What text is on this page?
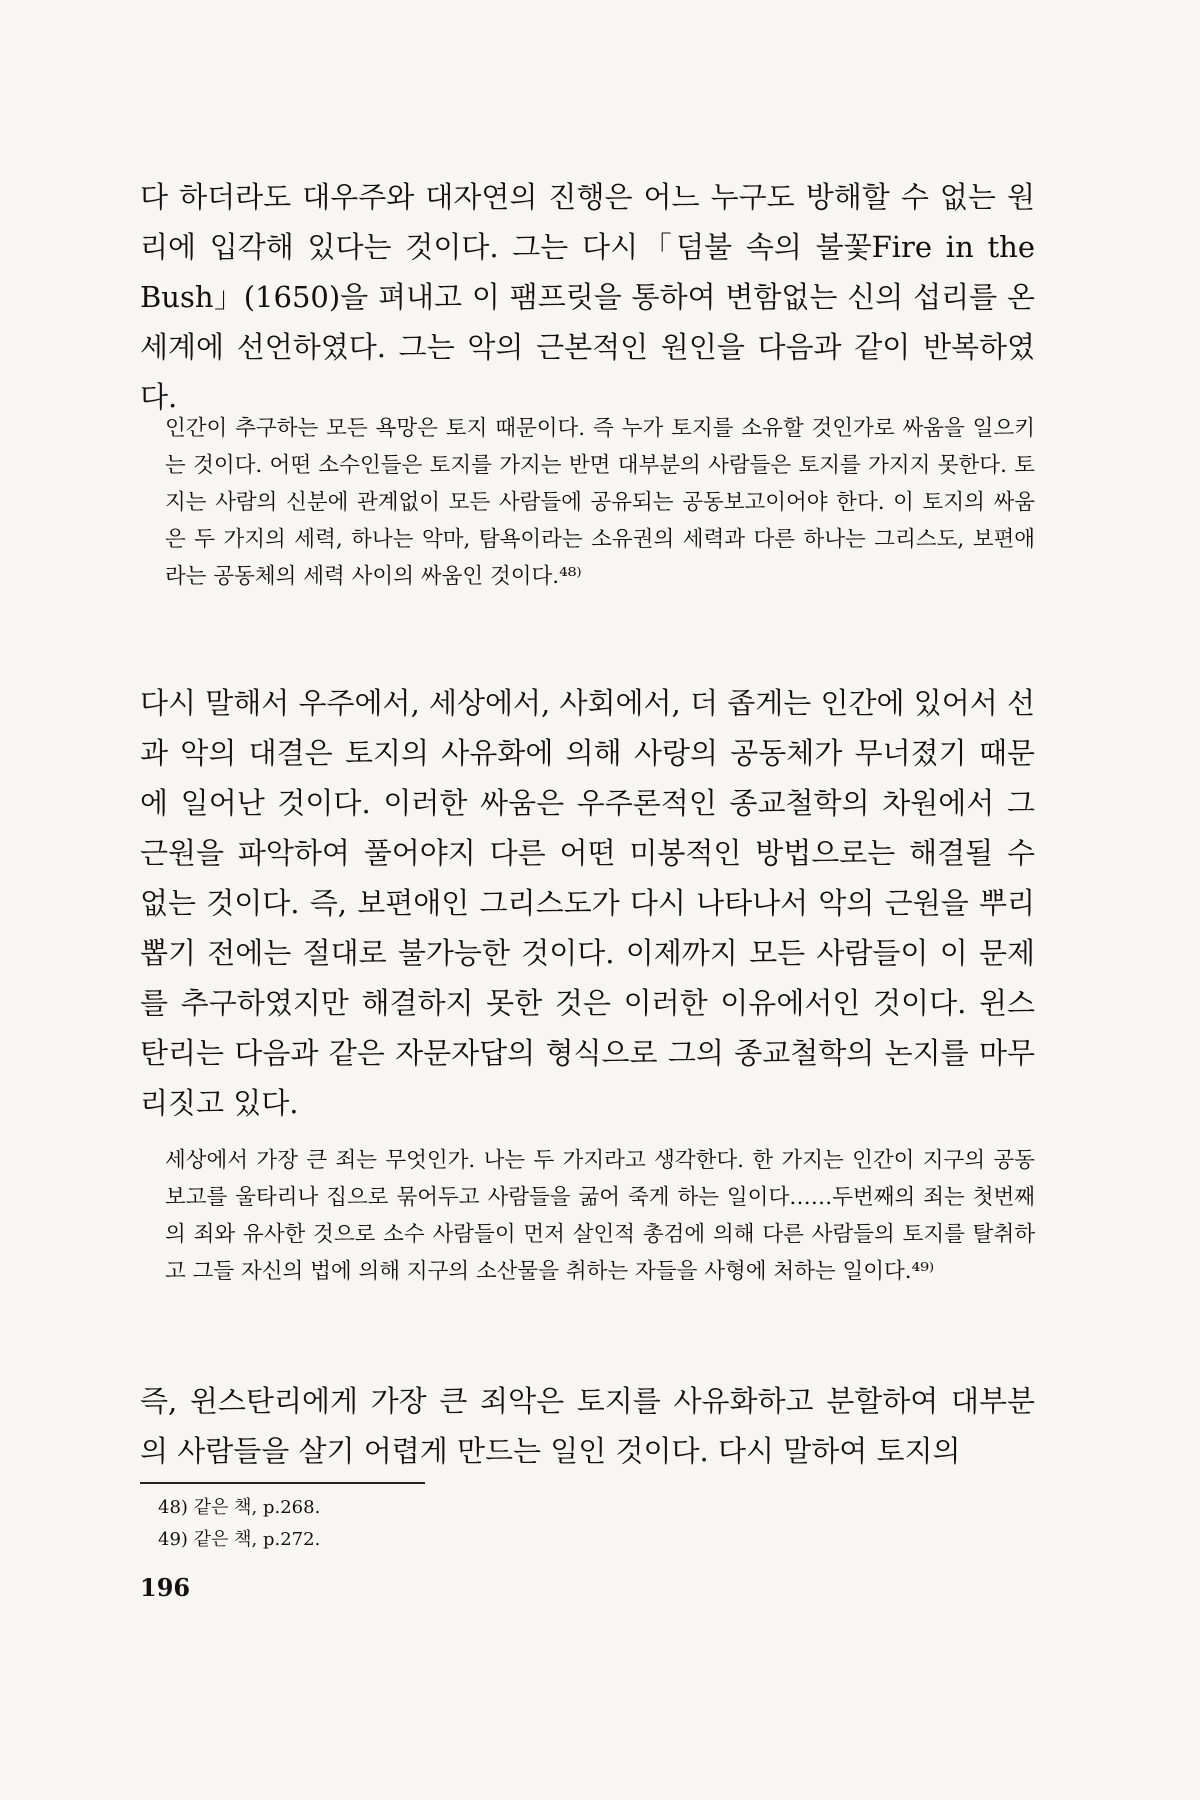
다 하더라도 대우주와 대자연의 진행은 어느 누구도 방해할 수 없는 원리에 입각해 있다는 것이다. 그는 다시「덤불 속의 불꽃Fire in the Bush」(1650)을 펴내고 이 팸프릿을 통하여 변함없는 신의 섭리를 온 세계에 선언하였다. 그는 악의 근본적인 원인을 다음과 같이 반복하였다.

인간이 추구하는 모든 욕망은 토지 때문이다. 즉 누가 토지를 소유할 것인가로 싸움을 일으키는 것이다. 어떤 소수인들은 토지를 가지는 반면 대부분의 사람들은 토지를 가지지 못한다. 토지는 사람의 신분에 관계없이 모든 사람들에 공유되는 공동보고이어야 한다. 이 토지의 싸움은 두 가지의 세력, 하나는 악마, 탐욕이라는 소유권의 세력과 다른 하나는 그리스도, 보편애라는 공동체의 세력 사이의 싸움인 것이다.⁴⁸⁾

다시 말해서 우주에서, 세상에서, 사회에서, 더 좁게는 인간에 있어서 선과 악의 대결은 토지의 사유화에 의해 사랑의 공동체가 무너졌기 때문에 일어난 것이다. 이러한 싸움은 우주론적인 종교철학의 차원에서 그 근원을 파악하여 풀어야지 다른 어떤 미봉적인 방법으로는 해결될 수 없는 것이다. 즉, 보편애인 그리스도가 다시 나타나서 악의 근원을 뿌리뽑기 전에는 절대로 불가능한 것이다. 이제까지 모든 사람들이 이 문제를 추구하였지만 해결하지 못한 것은 이러한 이유에서인 것이다. 윈스탄리는 다음과 같은 자문자답의 형식으로 그의 종교철학의 논지를 마무리짓고 있다.

세상에서 가장 큰 죄는 무엇인가. 나는 두 가지라고 생각한다. 한 가지는 인간이 지구의 공동보고를 울타리나 집으로 묶어두고 사람들을 굶어 죽게 하는 일이다……두번째의 죄는 첫번째의 죄와 유사한 것으로 소수 사람들이 먼저 살인적 총검에 의해 다른 사람들의 토지를 탈취하고 그들 자신의 법에 의해 지구의 소산물을 취하는 자들을 사형에 처하는 일이다.⁴⁹⁾

즉, 윈스탄리에게 가장 큰 죄악은 토지를 사유화하고 분할하여 대부분의 사람들을 살기 어렵게 만드는 일인 것이다. 다시 말하여 토지의

48) 같은 책, p.268.
49) 같은 책, p.272.
196
